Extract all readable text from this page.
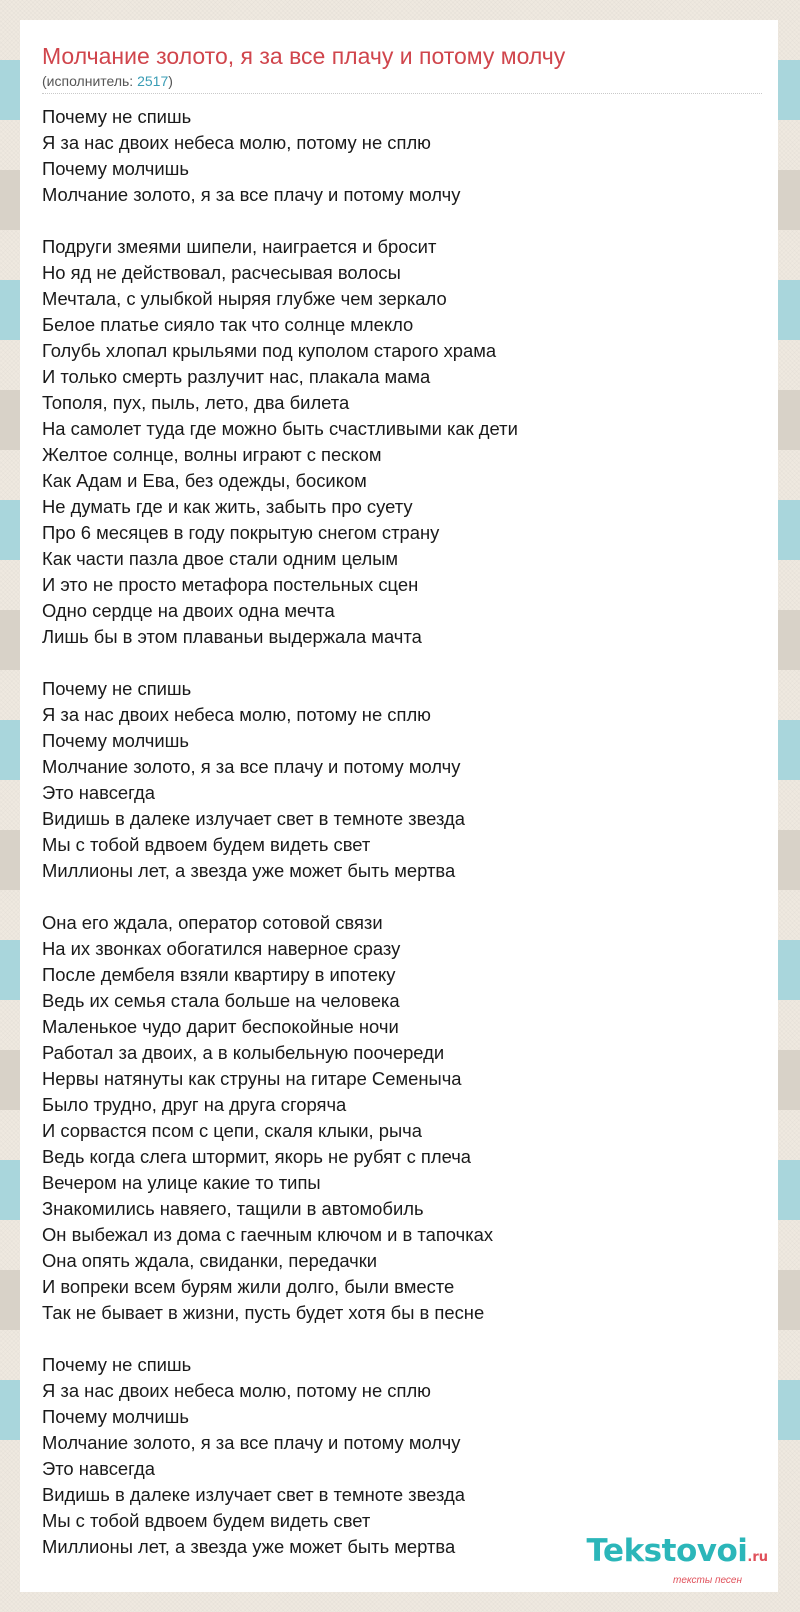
Молчание золото, я за все плачу и потому молчу
(исполнитель: 2517)
Почему не спишь
Я за нас двоих небеса молю, потому не сплю
Почему молчишь
Молчание золото, я за все плачу и потому молчу
Подруги змеями шипели, наиграется и бросит
Но яд не действовал, расчесывая волосы
Мечтала, с улыбкой ныряя глубже чем зеркало
Белое платье сияло так что солнце млекло
Голубь хлопал крыльями под куполом старого храма
И только смерть разлучит нас, плакала мама
Тополя, пух, пыль, лето, два билета
На самолет туда где можно быть счастливыми как дети
Желтое солнце, волны играют с песком
Как Адам и Ева, без одежды, босиком
Не думать где и как жить, забыть про суету
Про 6 месяцев в году покрытую снегом страну
Как части пазла двое стали одним целым
И это не просто метафора постельных сцен
Одно сердце на двоих одна мечта
Лишь бы в этом плаваньи выдержала мачта
Почему не спишь
Я за нас двоих небеса молю, потому не сплю
Почему молчишь
Молчание золото, я за все плачу и потому молчу
Это навсегда
Видишь в далеке излучает свет в темноте звезда
Мы с тобой вдвоем будем видеть свет
Миллионы лет, а звезда уже может быть мертва
Она его ждала, оператор сотовой связи
На их звонках обогатился наверное сразу
После дембеля взяли квартиру в ипотеку
Ведь их семья стала больше на человека
Маленькое чудо дарит беспокойные ночи
Работал за двоих, а в колыбельную поочереди
Нервы натянуты как струны на гитаре Семеныча
Было трудно, друг на друга сгоряча
И сорвастся псом с цепи, скаля клыки, рыча
Ведь когда слега штормит, якорь не рубят с плеча
Вечером на улице какие то типы
Знакомились навяего, тащили в автомобиль
Он выбежал из дома с гаечным ключом и в тапочках
Она опять ждала, свиданки, передачки
И вопреки всем бурям жили долго, были вместе
Так не бывает в жизни, пусть будет хотя бы в песне
Почему не спишь
Я за нас двоих небеса молю, потому не сплю
Почему молчишь
Молчание золото, я за все плачу и потому молчу
Это навсегда
Видишь в далеке излучает свет в темноте звезда
Мы с тобой вдвоем будем видеть свет
Миллионы лет, а звезда уже может быть мертва	Tekstovoi.ru
тексты песен
